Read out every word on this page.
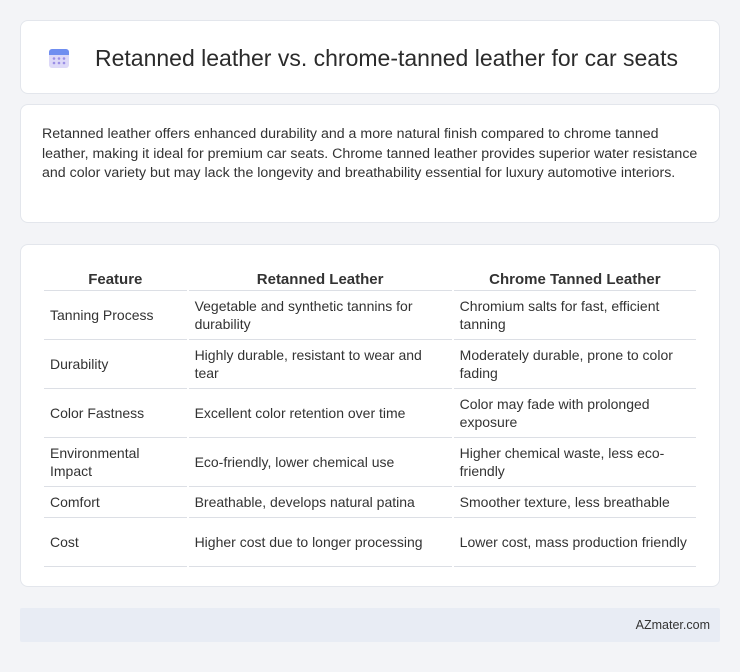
Retanned leather vs. chrome-tanned leather for car seats

Retanned leather offers enhanced durability and a more natural finish compared to chrome tanned leather, making it ideal for premium car seats. Chrome tanned leather provides superior water resistance and color variety but may lack the longevity and breathability essential for luxury automotive interiors.

Feature	Retanned Leather	Chrome Tanned Leather
Tanning Process	Vegetable and synthetic tannins for durability	Chromium salts for fast, efficient tanning
Durability	Highly durable, resistant to wear and tear	Moderately durable, prone to color fading
Color Fastness	Excellent color retention over time	Color may fade with prolonged exposure
Environmental Impact	Eco-friendly, lower chemical use	Higher chemical waste, less eco-friendly
Comfort	Breathable, develops natural patina	Smoother texture, less breathable
Cost	Higher cost due to longer processing	Lower cost, mass production friendly
AZmater.com
